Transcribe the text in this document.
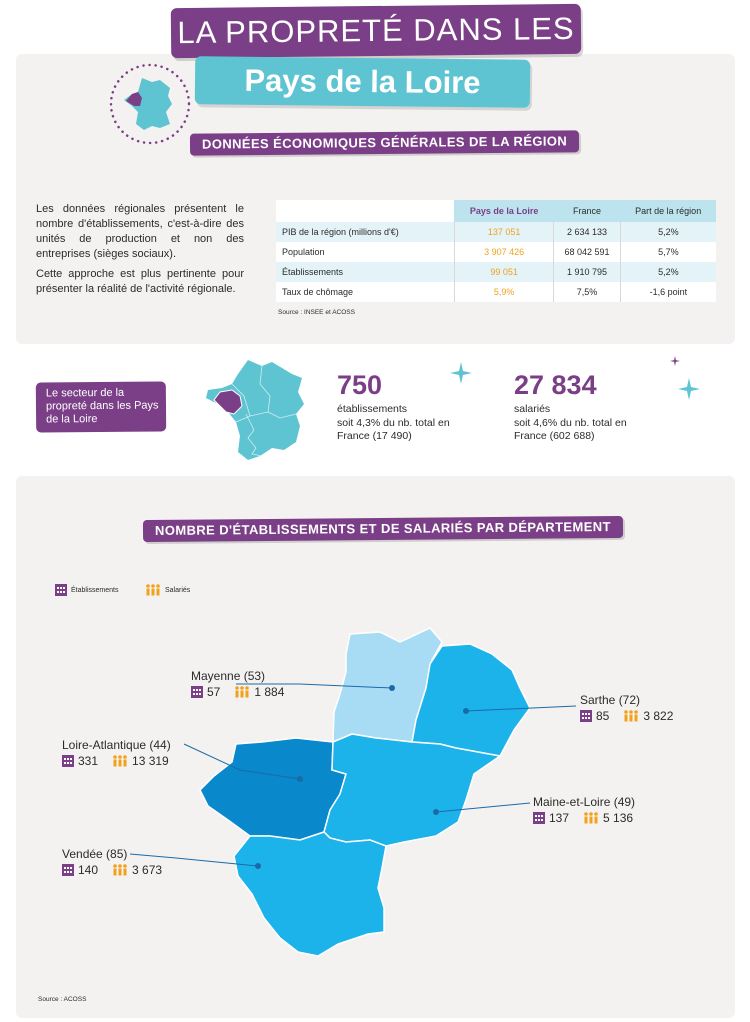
LA PROPRETÉ DANS LES
Pays de la Loire
DONNÉES ÉCONOMIQUES GÉNÉRALES DE LA RÉGION

Les données régionales présentent le nombre d'établissements, c'est-à-dire des unités de production et non des entreprises (sièges sociaux).

Cette approche est plus pertinente pour présenter la réalité de l'activité régionale.

	Pays de la Loire	France	Part de la région
PIB de la région (millions d'€)	137 051	2 634 133	5,2%
Population	3 907 426	68 042 591	5,7%
Établissements	99 051	1 910 795	5,2%
Taux de chômage	5,9%	7,5%	-1,6 point
Source : INSEE et ACOSS
Le secteur de la propreté dans les Pays de la Loire
750
établissements
soit 4,3% du nb. total en France (17 490)
27 834
salariés
soit 4,6% du nb. total en France (602 688)
NOMBRE D'ÉTABLISSEMENTS ET DE SALARIÉS PAR DÉPARTEMENT
Établissements	Salariés
Mayenne (53)
57	1 884
Sarthe (72)
85	3 822
Loire-Atlantique (44)
331	13 319
Maine-et-Loire (49)
137	5 136
Vendée (85)
140	3 673
Source : ACOSS
